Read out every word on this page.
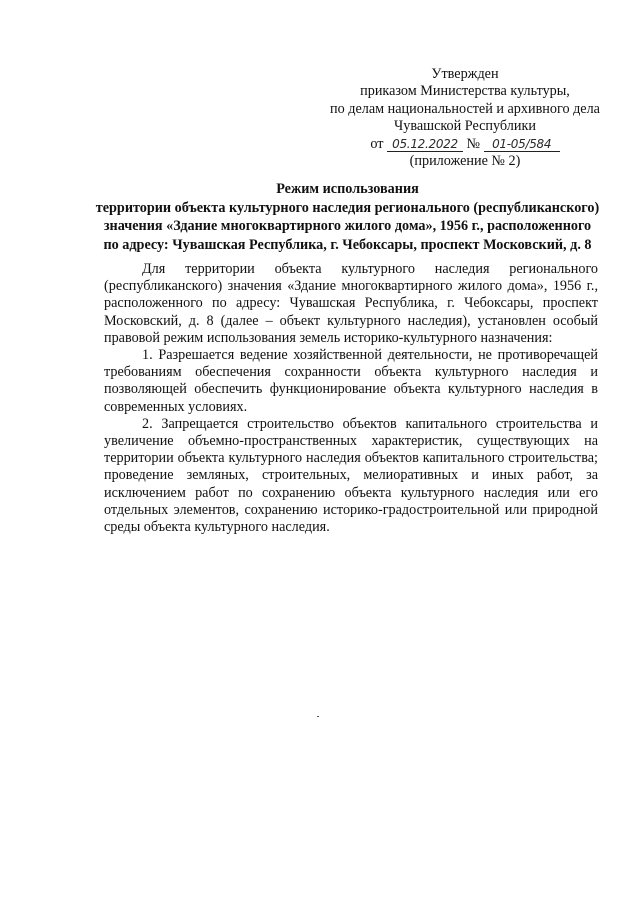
Утвержден
приказом Министерства культуры,
по делам национальностей и архивного дела
Чувашской Республики
от 05.12.2022 № 01-05/584
(приложение № 2)
Режим использования
территории объекта культурного наследия регионального (республиканского)
значения «Здание многоквартирного жилого дома», 1956 г., расположенного
по адресу: Чувашская Республика, г. Чебоксары, проспект Московский, д. 8

Для территории объекта культурного наследия регионального (республиканского) значения «Здание многоквартирного жилого дома», 1956 г., расположенного по адресу: Чувашская Республика, г. Чебоксары, проспект Московский, д. 8 (далее – объект культурного наследия), установлен особый правовой режим использования земель историко-культурного назначения:

1. Разрешается ведение хозяйственной деятельности, не противоречащей требованиям обеспечения сохранности объекта культурного наследия и позволяющей обеспечить функционирование объекта культурного наследия в современных условиях.

2. Запрещается строительство объектов капитального строительства и увеличение объемно-пространственных характеристик, существующих на территории объекта культурного наследия объектов капитального строительства; проведение земляных, строительных, мелиоративных и иных работ, за исключением работ по сохранению объекта культурного наследия или его отдельных элементов, сохранению историко-градостроительной или природной среды объекта культурного наследия.
